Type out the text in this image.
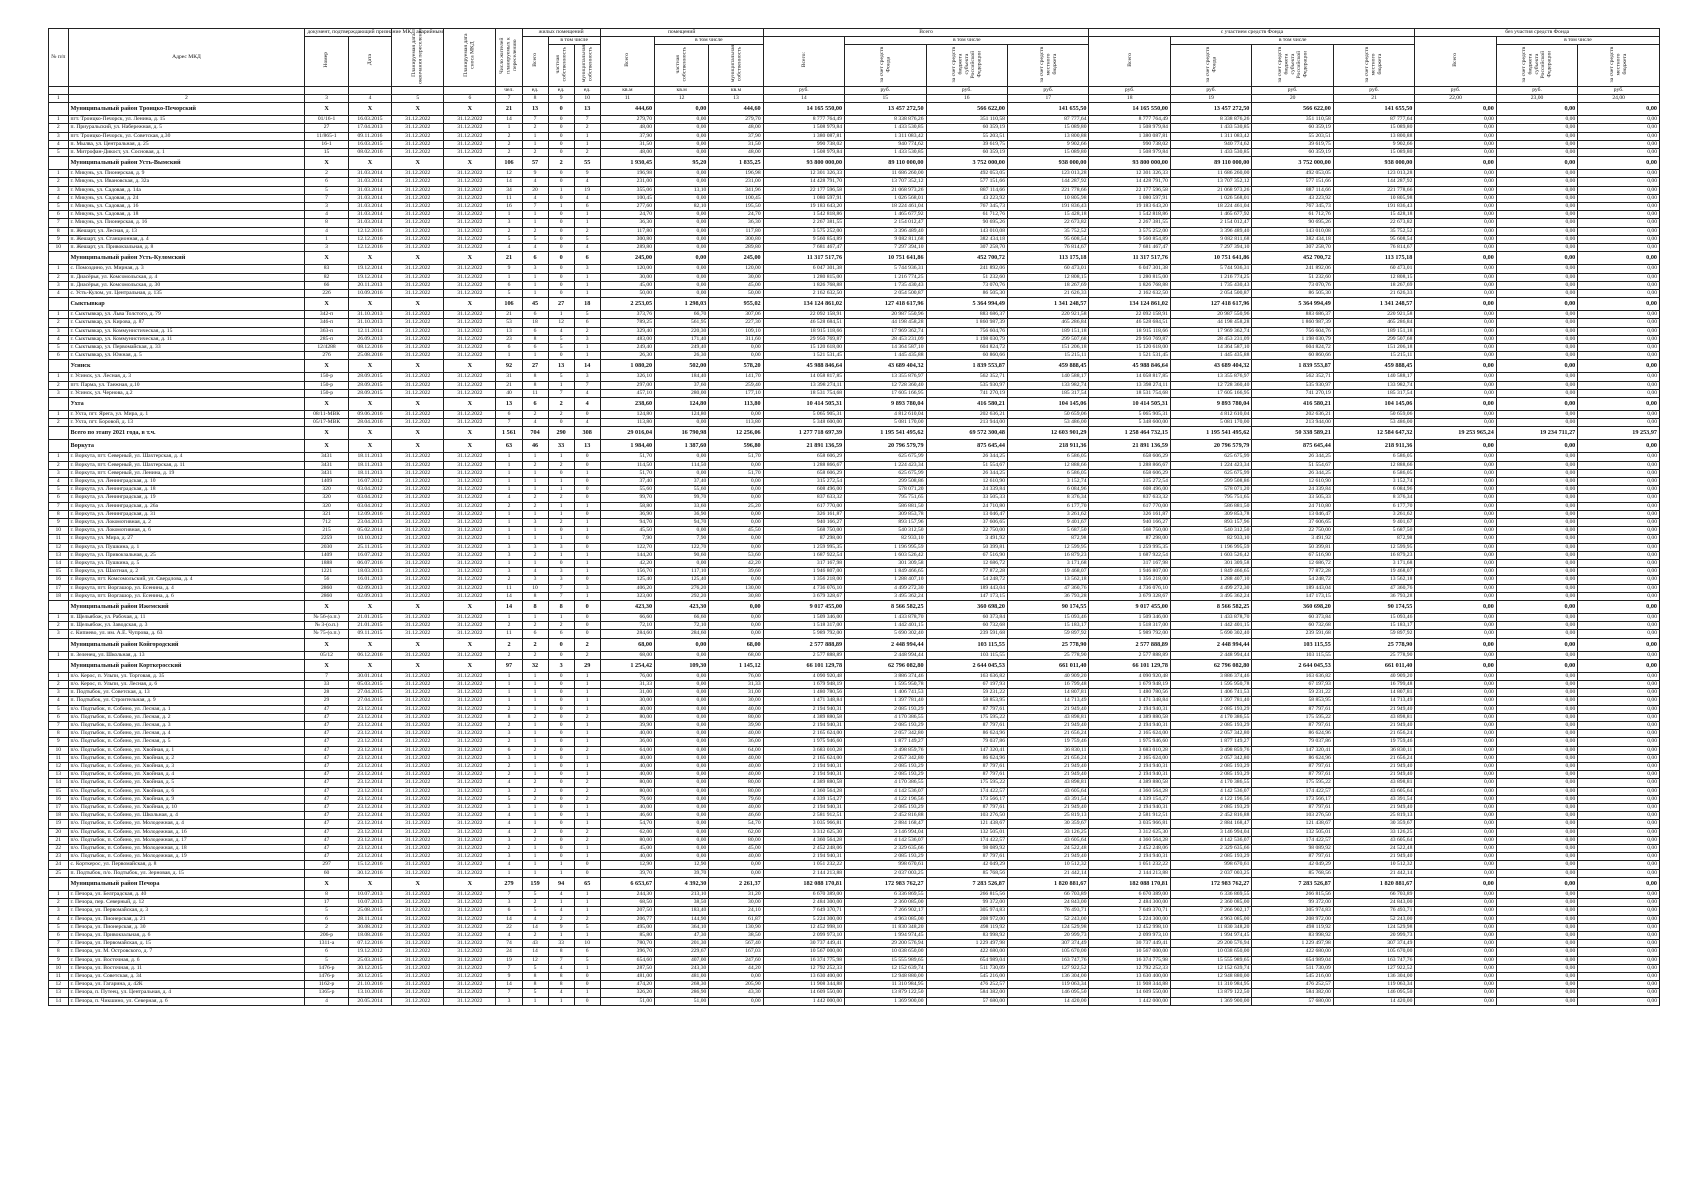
№ п/п	Адрес МКД	документ, подтверждающий признание МКД аварийным		Планируемая дата окончания переселения	Планируемая дата сноса МКД	Число жителей планируемых к переселению	жилых помещений			помещений			Всего				с участием средств Фонда				без участия средств Фонда		
		Номер	Дата				Всего	в том числе		Всего	в том числе		Всего:	в том числе			Всего	в том числе			Всего	в том числе	
								частная собственность	муниципальная собственность		частная собственность	муниципальная собственность		за счет средств Фонда	за счет средств бюджета субъекта Российской Федерации	за счет средств местного бюджета		за счет средств Фонда	за счет средств бюджета субъекта Российской Федерации	за счет средств местного бюджета		за счет средств бюджета субъекта Российской Федерации	за счет средств местного бюджета
						чел.	ед.	ед.	ед.	кв.м	кв.м	кв.м	руб.	руб.	руб.	руб.	руб.	руб.	руб.	руб.	руб.	руб.	руб.
1	2	3	4	5	6	7	8	9	10	11	12	13	14	15	16	17	18	19	20	21	22,00	23,00	24,00
	Муниципальный район Троицко-Печорский	X	X	X	X	21	13	0	13	444,60	0,00	444,60	14 165 550,00	13 457 272,50	566 622,00	141 655,50	14 165 550,00	13 457 272,50	566 622,00	141 655,50	0,00	0,00	0,00
1	пгт. Троицко-Печорск, ул. Ленина, д. 15	01/16-1	16.03.2015	31.12.2022	31.12.2022	14	7	0	7	279,70	0,00	279,70	8 777 764,49	8 338 876,26	351 110,58	87 777,64	8 777 764,49	8 338 876,26	351 110,58	87 777,64	0,00	0,00	0,00
2	п. Приуральский, ул. Набережная, д. 5	27	17.04.2013	31.12.2022	31.12.2022	1	2	0	2	48,00	0,00	48,00	1 508 979,84	1 433 530,85	60 359,19	15 089,80	1 508 979,84	1 433 530,85	60 359,19	15 089,80	0,00	0,00	0,00
3	пгт. Троицко-Печорск, ул. Советская, д.30	11/865-1	09.11.2016	31.12.2022	31.12.2022	2	1	0	1	37,90	0,00	37,90	1 380 087,81	1 311 083,42	55 203,51	13 800,88	1 380 087,81	1 311 083,42	55 203,51	13 800,88	0,00	0,00	0,00
4	п. Мылва, ул. Центральная, д. 25	16-1	16.03.2015	31.12.2022	31.12.2022	2	1	0	1	31,50	0,00	31,50	990 738,02	940 774,62	39 619,75	9 902,66	990 738,02	940 774,62	39 619,75	9 902,66	0,00	0,00	0,00
5	п. Митрофан-Дикост, ул. Сосновая, д. 1	15	08.02.2016	31.12.2022	31.12.2022	2	2	0	2	48,00	0,00	48,00	1 508 979,84	1 433 530,85	60 359,19	15 089,80	1 508 979,84	1 433 530,85	60 359,19	15 089,80	0,00	0,00	0,00
	Муниципальный район Усть-Вымский	X	X	X	X	106	57	2	55	1 930,45	95,20	1 835,25	93 800 000,00	89 110 000,00	3 752 000,00	938 000,00	93 800 000,00	89 110 000,00	3 752 000,00	938 000,00	0,00	0,00	0,00
1	г. Микунь, ул. Пионерская, д. 9	2	31.03.2014	31.12.2022	31.12.2022	12	9	0	9	196,98	0,00	196,98	12 301 326,33	11 686 260,00	492 053,05	123 013,28	12 301 326,33	11 686 260,00	492 053,05	123 013,28	0,00	0,00	0,00
2	г. Микунь, ул. Ивановская, д. 32а	6	31.03.2014	31.12.2022	31.12.2022	14	4	0	4	231,00	0,00	231,00	14 428 791,70	13 707 352,12	577 151,66	144 287,92	14 428 791,70	13 707 352,12	577 151,66	144 287,92	0,00	0,00	0,00
3	г. Микунь, ул. Садовая, д. 14а	5	31.03.2014	31.12.2022	31.12.2022	34	20	1	19	355,06	13,10	341,96	22 177 596,58	21 068 973,26	887 114,66	221 778,66	22 177 596,58	21 068 973,26	887 114,66	221 778,66	0,00	0,00	0,00
4	г. Микунь, ул. Садовая, д. 24	7	31.03.2014	31.12.2022	31.12.2022	11	4	0	4	100,45	0,00	100,45	1 080 597,91	1 026 568,01	43 223,92	10 805,98	1 080 597,91	1 026 568,01	43 223,92	10 805,98	0,00	0,00	0,00
5	г. Микунь, ул. Садовая, д. 16	3	31.03.2014	31.12.2022	31.12.2022	16	7	1	6	277,60	82,10	195,50	19 183 643,20	18 224 461,04	767 345,73	191 836,43	19 183 643,20	18 224 461,04	767 345,73	191 836,43	0,00	0,00	0,00
6	г. Микунь, ул. Садовая, д. 18	4	31.03.2014	31.12.2022	31.12.2022	1	1	0	1	24,70	0,00	24,70	1 542 818,86	1 465 677,92	61 712,76	15 428,18	1 542 818,86	1 465 677,92	61 712,76	15 428,18	0,00	0,00	0,00
7	г. Микунь, ул. Пионерская, д. 16	8	31.03.2014	31.12.2022	31.12.2022	3	1	0	1	36,30	0,00	36,30	2 267 381,55	2 154 012,47	90 695,26	22 673,82	2 267 381,55	2 154 012,47	90 695,26	22 673,82	0,00	0,00	0,00
8	п. Жешарт, ул. Лесная, д. 13	4	12.12.2016	31.12.2022	31.12.2022	2	2	0	2	117,80	0,00	117,80	3 575 252,00	3 396 489,40	143 010,08	35 752,52	3 575 252,00	3 396 489,40	143 010,08	35 752,52	0,00	0,00	0,00
9	п. Жешарт, ул. Станционная, д. 4	1	12.12.2016	31.12.2022	31.12.2022	5	5	0	5	300,80	0,00	300,80	9 560 854,89	9 082 811,68	382 434,18	95 608,54	9 560 854,89	9 082 811,68	382 434,18	95 608,54	0,00	0,00	0,00
10	п. Жешарт, ул. Привокзальная, д. 8	3	12.12.2016	31.12.2022	31.12.2022	4	4	0	4	289,80	0,00	289,80	7 681 467,47	7 297 394,10	307 258,70	76 814,67	7 681 467,47	7 297 394,10	307 258,70	76 814,67	0,00	0,00	0,00
	Муниципальный район Усть-Куломский	X	X	X	X	21	6	0	6	245,00	0,00	245,00	11 317 517,76	10 751 641,86	452 700,72	113 175,18	11 317 517,76	10 751 641,86	452 700,72	113 175,18	0,00	0,00	0,00
1	с. Помоздино, ул. Мирная, д. 3	83	19.12.2014	31.12.2022	31.12.2022	9	3	0	3	120,00	0,00	120,00	6 047 301,38	5 744 936,31	241 892,06	60 473,01	6 047 301,38	5 744 936,31	241 892,06	60 473,01	0,00	0,00	0,00
2	п. Диасёрья, ул. Комсомольская, д. 4	82	19.12.2014	31.12.2022	31.12.2022	1	1	0	1	30,00	0,00	30,00	1 280 815,00	1 216 774,25	51 232,60	12 808,15	1 280 815,00	1 216 774,25	51 232,60	12 808,15	0,00	0,00	0,00
3	п. Диасёрья, ул. Комсомольская, д. 30	66	20.11.2013	31.12.2022	31.12.2022	6	1	0	1	45,00	0,00	45,00	1 826 768,88	1 735 430,43	73 070,76	18 267,69	1 826 768,88	1 735 430,43	73 070,76	18 267,69	0,00	0,00	0,00
4	с. Усть-Кулом, ул. Центральная, д. 135	226	10.09.2016	31.12.2022	31.12.2022	5	1	0	1	50,00	0,00	50,00	2 162 632,50	2 054 500,87	86 505,30	21 626,33	2 162 632,50	2 054 500,87	86 505,30	21 626,33	0,00	0,00	0,00
	Сыктывкар	X	X	X	X	106	45	27	18	2 253,05	1 298,03	955,02	134 124 861,02	127 418 617,96	5 364 994,49	1 341 248,57	134 124 861,02	127 418 617,96	5 364 994,49	1 341 248,57	0,00	0,00	0,00
1	г. Сыктывкар, ул. Льва Толстого, д. 79	342-п	31.10.2013	31.12.2022	31.12.2022	21	6	1	5	373,76	66,70	307,06	22 092 158,91	20 987 550,96	883 686,37	220 921,58	22 092 158,91	20 987 550,96	883 686,37	220 921,58	0,00	0,00	0,00
2	г. Сыктывкар, ул. Кирова, д. 87	346-п	31.10.2013	31.12.2022	31.12.2022	53	18	12	6	789,25	561,95	227,30	46 528 684,51	44 198 458,28	1 860 987,39	465 286,84	46 528 684,51	44 198 458,28	1 860 987,39	465 286,84	0,00	0,00	0,00
3	г. Сыктывкар, ул. Коммунистическая, д. 15	363-п	12.11.2014	31.12.2022	31.12.2022	13	6	4	2	329,40	220,30	109,10	18 915 118,66	17 969 362,74	756 604,76	189 151,18	18 915 118,66	17 969 362,74	756 604,76	189 151,18	0,00	0,00	0,00
4	г. Сыктывкар, ул. Коммунистическая, д. 11	285-п	26.09.2013	31.12.2022	31.12.2022	23	8	5	3	483,00	171,40	311,60	29 950 769,87	28 453 231,09	1 198 030,79	299 507,68	29 950 769,87	28 453 231,09	1 198 030,79	299 507,68	0,00	0,00	0,00
5	г. Сыктывкар, ул. Первомайская, д. 33	12/4288	08.12.2016	31.12.2022	31.12.2022	6	6	5	1	249,40	249,40	0,00	15 120 618,00	14 364 587,10	604 824,72	151 206,18	15 120 618,00	14 364 587,10	604 824,72	151 206,18	0,00	0,00	0,00
6	г. Сыктывкар, ул. Южная, д. 5	276	25.08.2016	31.12.2022	31.12.2022	1	1	0	1	26,30	26,30	0,00	1 521 531,45	1 445 435,88	60 860,66	15 215,11	1 521 531,45	1 445 435,88	60 860,66	15 215,11	0,00	0,00	0,00
	Усинск	X	X	X	X	92	27	13	14	1 080,20	502,00	578,20	45 988 846,64	43 689 404,32	1 839 553,87	459 888,45	45 988 846,64	43 689 404,32	1 839 553,87	459 888,45	0,00	0,00	0,00
1	г. Усинск, ул. Лесная, д. 3	150-р	28.09.2015	31.12.2022	31.12.2022	31	8	5	3	326,10	184,40	141,70	14 058 817,85	13 355 876,97	562 352,71	140 588,17	14 058 817,85	13 355 876,97	562 352,71	140 588,17	0,00	0,00	0,00
2	пгт. Парма, ул. Таежная, д.10	150-р	28.09.2015	31.12.2022	31.12.2022	21	8	1	7	297,00	37,60	259,40	13 398 274,11	12 728 360,40	535 930,97	133 982,74	13 398 274,11	12 728 360,40	535 930,97	133 982,74	0,00	0,00	0,00
3	г. Усинск, ул. Чернова, д.2	150-р	28.09.2015	31.12.2022	31.12.2022	40	11	7	4	457,10	280,00	177,10	18 531 754,68	17 605 166,95	741 270,19	185 317,54	18 531 754,68	17 605 166,95	741 270,19	185 317,54	0,00	0,00	0,00
	Ухта	X	X	X	X	13	6	2	4	238,60	124,80	113,80	10 414 505,31	9 893 780,04	416 580,21	104 145,06	10 414 505,31	9 893 780,04	416 580,21	104 145,06	0,00	0,00	0,00
1	г. Ухта, пгт. Ярега, ул. Мира, д. 1	08/11-МВК	09.06.2016	31.12.2022	31.12.2022	6	2	2	0	124,80	124,80	0,00	5 065 905,31	4 812 610,04	202 636,21	50 659,06	5 065 905,31	4 812 610,04	202 636,21	50 659,06	0,00	0,00	0,00
2	г. Ухта, пгт. Боровой, д. 13	05/17-МВК	28.04.2016	31.12.2022	31.12.2022	7	4	0	4	113,80	0,00	113,80	5 348 600,00	5 081 170,00	213 944,00	53 486,00	5 348 600,00	5 081 170,00	213 944,00	53 486,00	0,00	0,00	0,00
	Всего по этапу 2021 года, в т.ч.	X	X	X	X	1 561	704	290	308	29 016,04	16 790,98	12 256,06	1 277 718 697,39	1 195 541 495,62	69 572 300,48	12 603 901,29	1 258 464 732,15	1 195 541 495,62	50 338 589,21	12 584 647,32	19 253 965,24	19 234 711,27	19 253,97
	Воркута	X	X	X	X	63	46	33	13	1 984,40	1 387,60	596,80	21 891 136,59	20 796 579,79	875 645,44	218 911,36	21 891 136,59	20 796 579,79	875 645,44	218 911,36	0,00	0,00	0,00
1	г. Воркута, пгт. Северный, ул. Шахтерская, д. 4	3431	18.11.2013	31.12.2022	31.12.2022	1	1	1	0	51,70	0,00	51,70	658 606,29	625 675,99	26 344,25	6 586,05	658 606,29	625 675,99	26 344,25	6 586,05	0,00	0,00	0,00
2	г. Воркута, пгт. Северный, ул. Шахтерская, д. 11	3431	18.11.2013	31.12.2022	31.12.2022	1	2	2	0	114,50	114,50	0,00	1 288 866,67	1 224 423,34	51 554,67	12 888,66	1 288 866,67	1 224 423,34	51 554,67	12 888,66	0,00	0,00	0,00
3	г. Воркута, пгт. Северный, ул. Ленина, д. 19	3431	18.11.2013	31.12.2022	31.12.2022	1	1	0	1	51,70	0,00	51,70	658 606,29	625 675,99	26 344,25	6 586,05	658 606,29	625 675,99	26 344,25	6 586,05	0,00	0,00	0,00
4	г. Воркута, ул. Ленинградская, д. 10	1409	16.07.2012	31.12.2022	31.12.2022	1	1	1	0	37,40	37,40	0,00	315 272,54	299 508,86	12 610,90	3 152,74	315 272,54	299 508,86	12 610,90	3 152,74	0,00	0,00	0,00
5	г. Воркута, ул. Ленинградская, д. 18	320	03.04.2012	31.12.2022	31.12.2022	1	1	1	0	55,60	55,60	0,00	608 496,00	578 071,20	24 339,84	6 084,96	608 496,00	578 071,20	24 339,84	6 084,96	0,00	0,00	0,00
6	г. Воркута, ул. Ленинградская, д. 19	320	03.04.2012	31.12.2022	31.12.2022	4	2	2	0	99,70	99,70	0,00	837 633,32	795 751,65	33 505,33	8 376,34	837 633,32	795 751,65	33 505,33	8 376,34	0,00	0,00	0,00
7	г. Воркута, ул. Ленинградская, д. 26а	320	03.04.2012	31.12.2022	31.12.2022	2	2	1	1	58,80	33,60	25,20	617 770,00	586 881,50	24 710,80	6 177,70	617 770,00	586 881,50	24 710,80	6 177,70	0,00	0,00	0,00
8	г. Воркута, ул. Ленинградская, д. 31	321	12.09.2016	31.12.2022	31.12.2022	1	1	1	0	36,90	36,90	0,00	326 161,87	309 853,78	13 046,47	3 261,62	326 161,87	309 853,78	13 046,47	3 261,62	0,00	0,00	0,00
9	г. Воркута, ул. Локомотивная, д. 2	712	23.04.2013	31.12.2022	31.12.2022	1	3	2	1	94,70	94,70	0,00	940 166,27	893 157,96	37 606,65	9 401,67	940 166,27	893 157,96	37 606,65	9 401,67	0,00	0,00	0,00
10	г. Воркута, ул. Локомотивная, д. 6	215	05.02.2014	31.12.2022	31.12.2022	1	1	0	1	45,50	0,00	45,50	568 750,00	540 312,50	22 750,00	5 687,50	568 750,00	540 312,50	22 750,00	5 687,50	0,00	0,00	0,00
11	г. Воркута, ул. Мира, д. 27	2259	10.10.2012	31.12.2022	31.12.2022	1	1	1	0	7,90	7,90	0,00	87 298,00	82 933,10	3 491,92	872,98	87 298,00	82 933,10	3 491,92	872,98	0,00	0,00	0,00
12	г. Воркута, ул. Пушкина, д. 1	2030	25.11.2015	31.12.2022	31.12.2022	3	3	3	0	122,70	122,70	0,00	1 259 995,35	1 196 995,59	50 399,81	12 599,95	1 259 995,35	1 196 995,59	50 399,81	12 599,95	0,00	0,00	0,00
13	г. Воркута, ул. Привокзальная, д. 25	1409	16.07.2012	31.12.2022	31.12.2022	3	2	1	1	144,20	90,60	53,60	1 687 922,54	1 603 526,42	67 516,90	16 879,23	1 687 922,54	1 603 526,42	67 516,90	16 879,23	0,00	0,00	0,00
14	г. Воркута, ул. Пушкина, д. 5	1888	06.07.2016	31.12.2022	31.12.2022	1	1	0	1	42,20	0,00	42,20	317 167,98	301 309,58	12 686,72	3 171,68	317 167,98	301 309,58	12 686,72	3 171,68	0,00	0,00	0,00
15	г. Воркута, ул. Шахтная, д. 2	1221	18.03.2013	31.12.2022	31.12.2022	3	4	3	1	156,70	117,10	39,60	1 946 807,00	1 849 466,65	77 872,28	19 468,07	1 946 807,00	1 849 466,65	77 872,28	19 468,07	0,00	0,00	0,00
16	г. Воркута, пгт. Комсомольский, ул. Свердлова, д. 4	56	16.01.2013	31.12.2022	31.12.2022	2	3	3	0	125,40	125,40	0,00	1 356 218,00	1 288 407,10	54 248,72	13 562,18	1 356 218,00	1 288 407,10	54 248,72	13 562,18	0,00	0,00	0,00
17	г. Воркута, пгт. Воргашор, ул. Есенина, д. 4	2860	02.09.2013	31.12.2022	31.12.2022	11	10	7	3	406,20	276,20	130,00	4 736 076,10	4 499 272,30	189 443,04	47 360,76	4 736 076,10	4 499 272,30	189 443,04	47 360,76	0,00	0,00	0,00
18	г. Воркута, пгт. Воргашор, ул. Есенина, д. 6	2860	02.09.2013	31.12.2022	31.12.2022	14	8	7	1	323,00	292,20	30,80	3 679 328,67	3 495 362,24	147 173,15	36 793,28	3 679 328,67	3 495 362,24	147 173,15	36 793,28	0,00	0,00	0,00
	Муниципальный район Ижемский	X	X	X	X	14	8	8	0	423,30	423,30	0,00	9 017 455,00	8 566 582,25	360 698,20	90 174,55	9 017 455,00	8 566 582,25	360 698,20	90 174,55	0,00	0,00	0,00
1	п. Щельябож, ул. Рабочая, д. 11	№ 56-(о.п.)	21.01.2015	31.12.2022	31.12.2022	1	1	1	0	66,60	66,60	0,00	1 509 346,00	1 433 878,70	60 373,84	15 093,46	1 509 346,00	1 433 878,70	60 373,84	15 093,46	0,00	0,00	0,00
2	п. Щельябож, ул. Заводская, д. 3	№ 3-(о.п.)	21.01.2015	31.12.2022	31.12.2022	2	2	2	0	72,10	72,10	0,00	1 518 317,00	1 442 401,15	60 732,68	15 183,17	1 518 317,00	1 442 401,15	60 732,68	15 183,17	0,00	0,00	0,00
3	с. Кипиево, ул. им. А.Е. Чупрова, д. 63	№ 75-(о.п.)	09.11.2015	31.12.2022	31.12.2022	11	6	6	0	284,60	284,60	0,00	5 989 792,00	5 690 302,40	239 591,68	59 897,92	5 989 792,00	5 690 302,40	239 591,68	59 897,92	0,00	0,00	0,00
	Муниципальный район Койгородский	X	X	X	X	2	2	0	2	68,00	0,00	68,00	2 577 888,89	2 448 994,44	103 115,55	25 778,90	2 577 888,89	2 448 994,44	103 115,55	25 778,90	0,00	0,00	0,00
1	п. Зеленец, ул. Школьная, д. 13	05/12	06.12.2016	31.12.2022	31.12.2022	2	2	0	2	68,00	0,00	68,00	2 577 888,89	2 448 994,44	103 115,55	25 778,90	2 577 888,89	2 448 994,44	103 115,55	25 778,90	0,00	0,00	0,00
	Муниципальный район Корткеросский	X	X	X	X	97	32	3	29	1 254,42	109,30	1 145,12	66 101 129,78	62 796 082,80	2 644 045,53	661 011,40	66 101 129,78	62 796 082,80	2 644 045,53	661 011,40	0,00	0,00	0,00
1	п/о. Керос, п. Ульпи, ул. Торговая, д. 35	7	30.01.2014	31.12.2022	31.12.2022	1	1	0	1	76,00	0,00	76,00	4 090 920,48	3 886 374,46	163 636,82	40 909,20	4 090 920,48	3 886 374,46	163 636,82	40 909,20	0,00	0,00	0,00
2	п/о. Керос, п. Ульпи, ул. Лесная, д. 6	33	05.03.2015	31.12.2022	31.12.2022	1	1	0	1	31,33	0,00	31,33	1 679 948,19	1 595 950,78	67 197,93	16 799,48	1 679 948,19	1 595 950,78	67 197,93	16 799,48	0,00	0,00	0,00
3	п. Подтыбок, ул. Советская, д. 13	28	27.04.2015	31.12.2022	31.12.2022	1	1	0	1	31,00	0,00	31,00	1 480 780,56	1 406 741,53	59 231,22	14 807,81	1 480 780,56	1 406 741,53	59 231,22	14 807,81	0,00	0,00	0,00
4	п. Подтыбок, ул. Строительная, д. 9	29	27.04.2015	31.12.2022	31.12.2022	1	1	0	1	30,00	0,00	30,00	1 471 348,84	1 397 781,40	58 853,95	14 713,49	1 471 348,84	1 397 781,40	58 853,95	14 713,49	0,00	0,00	0,00
5	п/о. Подтыбок, п. Собино, ул. Лесная, д. 1	47	23.12.2014	31.12.2022	31.12.2022	2	1	0	1	40,00	0,00	40,00	2 194 940,31	2 085 193,29	87 797,61	21 949,40	2 194 940,31	2 085 193,29	87 797,61	21 949,40	0,00	0,00	0,00
6	п/о. Подтыбок, п. Собино, ул. Лесная, д. 2	47	23.12.2014	31.12.2022	31.12.2022	8	2	0	2	80,00	0,00	80,00	4 389 880,58	4 170 386,55	175 595,22	43 898,81	4 389 880,58	4 170 386,55	175 595,22	43 898,81	0,00	0,00	0,00
7	п/о. Подтыбок, п. Собино, ул. Лесная, д. 3	47	23.12.2014	31.12.2022	31.12.2022	2	1	0	1	39,90	0,00	39,90	2 194 940,31	2 085 193,29	87 797,61	21 949,40	2 194 940,31	2 085 193,29	87 797,61	21 949,40	0,00	0,00	0,00
8	п/о. Подтыбок, п. Собино, ул. Лесная, д. 4	47	23.12.2014	31.12.2022	31.12.2022	3	1	0	1	40,00	0,00	40,00	2 165 624,00	2 057 342,80	86 624,96	21 656,24	2 165 624,00	2 057 342,80	86 624,96	21 656,24	0,00	0,00	0,00
9	п/о. Подтыбок, п. Собино, ул. Лесная, д. 5	47	23.12.2014	31.12.2022	31.12.2022	2	1	0	1	36,00	0,00	36,00	1 975 946,60	1 877 149,27	79 037,86	19 759,46	1 975 946,60	1 877 149,27	79 037,86	19 759,46	0,00	0,00	0,00
10	п/о. Подтыбок, п. Собино, ул. Хвойная, д. 1	47	23.12.2014	31.12.2022	31.12.2022	6	2	0	2	64,00	0,00	64,00	3 683 010,28	3 498 859,76	147 320,41	36 830,11	3 683 010,28	3 498 859,76	147 320,41	36 830,11	0,00	0,00	0,00
11	п/о. Подтыбок, п. Собино, ул. Хвойная, д. 2	47	23.12.2014	31.12.2022	31.12.2022	3	1	0	1	40,00	0,00	40,00	2 165 624,00	2 057 342,80	86 624,96	21 656,24	2 165 624,00	2 057 342,80	86 624,96	21 656,24	0,00	0,00	0,00
12	п/о. Подтыбок, п. Собино, ул. Хвойная, д. 3	47	23.12.2014	31.12.2022	31.12.2022	2	1	0	1	40,00	0,00	40,00	2 194 940,31	2 085 193,29	87 797,61	21 949,40	2 194 940,31	2 085 193,29	87 797,61	21 949,40	0,00	0,00	0,00
13	п/о. Подтыбок, п. Собино, ул. Хвойная, д. 4	47	23.12.2014	31.12.2022	31.12.2022	2	1	0	1	40,00	0,00	40,00	2 194 940,31	2 085 193,29	87 797,61	21 949,40	2 194 940,31	2 085 193,29	87 797,61	21 949,40	0,00	0,00	0,00
14	п/о. Подтыбок, п. Собино, ул. Хвойная, д. 5	47	23.12.2014	31.12.2022	31.12.2022	4	2	0	2	80,00	0,00	80,00	4 389 880,58	4 170 386,55	175 595,22	43 898,81	4 389 880,58	4 170 386,55	175 595,22	43 898,81	0,00	0,00	0,00
15	п/о. Подтыбок, п. Собино, ул. Хвойная, д. 6	47	23.12.2014	31.12.2022	31.12.2022	3	2	0	2	80,00	0,00	80,00	4 360 564,28	4 142 536,07	174 422,57	43 605,64	4 360 564,28	4 142 536,07	174 422,57	43 605,64	0,00	0,00	0,00
16	п/о. Подтыбок, п. Собино, ул. Хвойная, д. 9	47	23.12.2014	31.12.2022	31.12.2022	5	2	0	2	79,60	0,00	79,60	4 339 154,27	4 122 196,56	173 566,17	43 391,54	4 339 154,27	4 122 196,56	173 566,17	43 391,54	0,00	0,00	0,00
17	п/о. Подтыбок, п. Собино, ул. Хвойная, д. 10	47	23.12.2014	31.12.2022	31.12.2022	3	1	0	1	40,00	0,00	40,00	2 194 940,31	2 085 193,29	87 797,61	21 949,40	2 194 940,31	2 085 193,29	87 797,61	21 949,40	0,00	0,00	0,00
18	п/о. Подтыбок, п. Собино, ул. Школьная, д. 4	47	23.12.2014	31.12.2022	31.12.2022	4	1	0	1	46,60	0,00	46,60	2 581 912,51	2 452 816,88	103 276,50	25 819,13	2 581 912,51	2 452 816,88	103 276,50	25 819,13	0,00	0,00	0,00
19	п/о. Подтыбок, п. Собино, ул. Молодежная, д. 4	47	23.12.2014	31.12.2022	31.12.2022	4	1	0	1	54,70	0,00	54,70	3 035 966,81	2 884 168,47	121 438,67	30 359,67	3 035 966,81	2 884 168,47	121 438,67	30 359,67	0,00	0,00	0,00
20	п/о. Подтыбок, п. Собино, ул. Молодежная, д. 16	47	23.12.2014	31.12.2022	31.12.2022	4	2	0	2	62,00	0,00	62,00	3 312 625,30	3 146 994,04	132 505,01	33 126,25	3 312 625,30	3 146 994,04	132 505,01	33 126,25	0,00	0,00	0,00
21	п/о. Подтыбок, п. Собино, ул. Молодежная, д. 17	47	23.12.2014	31.12.2022	31.12.2022	3	2	0	2	80,00	0,00	80,00	4 360 564,28	4 142 536,07	174 422,57	43 605,64	4 360 564,28	4 142 536,07	174 422,57	43 605,64	0,00	0,00	0,00
22	п/о. Подтыбок, п. Собино, ул. Молодежная, д. 18	47	23.12.2014	31.12.2022	31.12.2022	2	1	0	1	45,00	0,00	45,00	2 452 248,06	2 329 635,66	98 089,92	24 522,48	2 452 248,06	2 329 635,66	98 089,92	24 522,48	0,00	0,00	0,00
23	п/о. Подтыбок, п. Собино, ул. Молодежная, д. 19	47	23.12.2014	31.12.2022	31.12.2022	3	1	0	1	40,00	0,00	40,00	2 194 940,31	2 085 193,29	87 797,61	21 949,40	2 194 940,31	2 085 193,29	87 797,61	21 949,40	0,00	0,00	0,00
24	с. Корткерос, ул. Первомайская, д. 8	297	15.12.2016	31.12.2022	31.12.2022	4	1	1	0	12,90	12,90	0,00	1 051 232,22	998 670,61	42 049,29	10 512,32	1 051 232,22	998 670,61	42 049,29	10 512,32	0,00	0,00	0,00
25	п. Подтыбок, п/о. Подтыбок, ул. Зерновая, д. 15	60	30.12.2016	31.12.2022	31.12.2022	1	1	1	0	39,70	39,70	0,00	2 144 213,88	2 037 003,25	85 768,56	21 442,14	2 144 213,88	2 037 003,25	85 768,56	21 442,14	0,00	0,00	0,00
	Муниципальный район Печора	X	X	X	X	279	159	94	65	6 653,67	4 392,30	2 261,37	182 088 170,81	172 983 762,27	7 283 526,87	1 820 881,67	182 088 170,81	172 983 762,27	7 283 526,87	1 820 881,67	0,00	0,00	0,00
1	г. Печора, ул. Белградская, д. 40	8	10.07.2013	31.12.2022	31.12.2022	7	5	4	1	244,30	213,10	31,20	6 670 389,00	6 336 869,55	266 815,56	66 703,89	6 670 389,00	6 336 869,55	266 815,56	66 703,89	0,00	0,00	0,00
2	г. Печора, пер. Северный, д. 12	17	10.07.2013	31.12.2022	31.12.2022	3	2	1	1	68,50	38,50	30,00	2 484 300,00	2 360 085,00	99 372,00	24 843,00	2 484 300,00	2 360 085,00	99 372,00	24 843,00	0,00	0,00	0,00
3	г. Печора, ул. Первомайская, д. 3	5	25.08.2015	31.12.2022	31.12.2022	6	5	4	1	207,50	183,40	24,10	7 649 370,71	7 266 902,17	305 974,83	76 493,71	7 649 370,71	7 266 902,17	305 974,83	76 493,71	0,00	0,00	0,00
4	г. Печора, ул. Пионерская, д. 21	6	28.11.2014	31.12.2022	31.12.2022	14	4	2	2	206,77	144,90	61,87	5 224 300,00	4 963 085,00	208 972,00	52 243,00	5 224 300,00	4 963 085,00	208 972,00	52 243,00	0,00	0,00	0,00
5	г. Печора, ул. Пионерская, д. 30	2	30.08.2012	31.12.2022	31.12.2022	22	14	9	5	495,00	364,10	130,90	12 452 998,10	11 830 348,20	498 119,92	124 529,98	12 452 998,10	11 830 348,20	498 119,92	124 529,98	0,00	0,00	0,00
6	г. Печора, ул. Привокзальная, д. 6	206-р	18.08.2016	31.12.2022	31.12.2022	4	2	1	1	85,80	47,30	38,50	2 099 973,10	1 994 974,45	83 998,92	20 999,73	2 099 973,10	1 994 974,45	83 998,92	20 999,73	0,00	0,00	0,00
7	г. Печора, ул. Первомайская, д. 15	1311-а	07.12.2016	31.12.2022	31.12.2022	74	43	33	10	780,70	201,30	567,40	30 737 449,41	29 200 576,94	1 229 497,98	307 374,49	30 737 449,41	29 200 576,94	1 229 497,98	307 374,49	0,00	0,00	0,00
8	г. Печора, ул. М. Островского, д. 7	6	19.12.2012	31.12.2022	31.12.2022	24	14	8	6	396,70	229,67	167,03	10 567 000,00	10 038 650,00	422 680,00	105 670,00	10 567 000,00	10 038 650,00	422 680,00	105 670,00	0,00	0,00	0,00
9	г. Печора, ул. Восточная, д. 6	5	25.03.2015	31.12.2022	31.12.2022	19	12	7	5	654,60	407,00	247,60	16 374 775,98	15 555 989,65	654 989,04	163 747,76	16 374 775,98	15 555 989,65	654 989,04	163 747,76	0,00	0,00	0,00
10	г. Печора, ул. Восточная, д. 11	1476-р	30.12.2015	31.12.2022	31.12.2022	7	5	4	1	287,50	243,30	44,20	12 792 252,33	12 152 639,74	511 730,09	127 922,52	12 792 252,33	12 152 639,74	511 730,09	127 922,52	0,00	0,00	0,00
11	г. Печора, ул. Советская, д. 34	1476-р	30.12.2015	31.12.2022	31.12.2022	9	8	8	0	481,00	481,00	0,00	13 630 400,00	12 948 880,00	545 216,00	136 304,00	13 630 400,00	12 948 880,00	545 216,00	136 304,00	0,00	0,00	0,00
12	г. Печора, ул. Гагарина, д. 42К	1162-р	21.10.2016	31.12.2022	31.12.2022	14	8	8	0	474,20	268,30	205,90	11 908 344,88	11 310 984,95	476 252,57	119 063,34	11 908 344,88	11 310 984,95	476 252,57	119 063,34	0,00	0,00	0,00
13	г. Печора, п. Путеец, ул. Центральная, д. 4	1365-р	13.10.2016	31.12.2022	31.12.2022	7	5	4	1	326,20	286,90	43,30	14 609 550,00	13 879 122,50	584 382,00	146 095,50	14 609 550,00	13 879 122,50	584 382,00	146 095,50	0,00	0,00	0,00
14	г. Печора, п. Чикшино, ул. Северная, д. 6	4	20.05.2014	31.12.2022	31.12.2022	3	1	1	0	51,00	51,00	0,00	1 442 000,00	1 369 900,00	57 680,00	14 420,00	1 442 000,00	1 369 900,00	57 680,00	14 420,00	0,00	0,00	0,00
